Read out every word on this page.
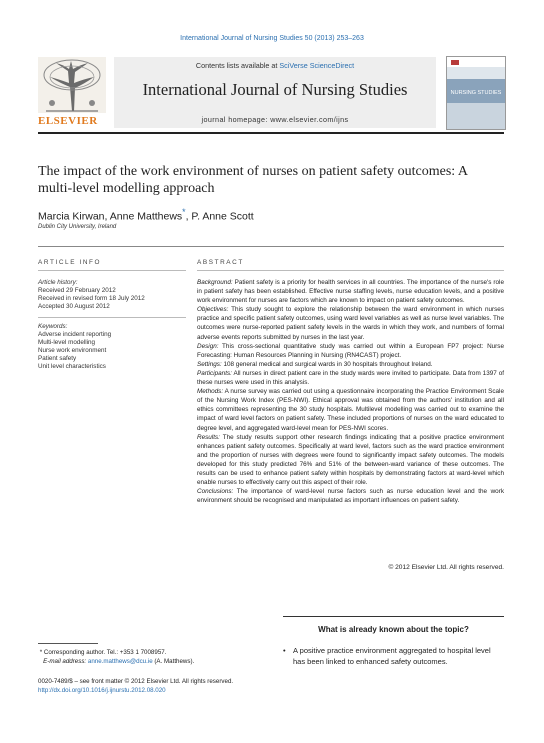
International Journal of Nursing Studies 50 (2013) 253–263
Contents lists available at SciVerse ScienceDirect
International Journal of Nursing Studies
journal homepage: www.elsevier.com/ijns
ELSEVIER
NURSING STUDIES
The impact of the work environment of nurses on patient safety outcomes: A multi-level modelling approach
Marcia Kirwan, Anne Matthews*, P. Anne Scott
Dublin City University, Ireland
ARTICLE INFO
Article history:
Received 29 February 2012
Received in revised form 18 July 2012
Accepted 30 August 2012
Keywords:
Adverse incident reporting
Multi-level modelling
Nurse work environment
Patient safety
Unit level characteristics
ABSTRACT

Background: Patient safety is a priority for health services in all countries. The importance of the nurse's role in patient safety has been established. Effective nurse staffing levels, nurse education levels, and a positive work environment for nurses are factors which are known to impact on patient safety outcomes.

Objectives: This study sought to explore the relationship between the ward environment in which nurses practice and specific patient safety outcomes, using ward level variables as well as nurse level variables. The outcomes were nurse-reported patient safety levels in the wards in which they work, and numbers of formal adverse events reports submitted by nurses in the last year.

Design: This cross-sectional quantitative study was carried out within a European FP7 project: Nurse Forecasting: Human Resources Planning in Nursing (RN4CAST) project.

Settings: 108 general medical and surgical wards in 30 hospitals throughout Ireland.

Participants: All nurses in direct patient care in the study wards were invited to participate. Data from 1397 of these nurses were used in this analysis.

Methods: A nurse survey was carried out using a questionnaire incorporating the Practice Environment Scale of the Nursing Work Index (PES-NWI). Ethical approval was obtained from the authors' institution and all ethics committees representing the 30 study hospitals. Multilevel modelling was carried out to examine the impact of ward level factors on patient safety. These included proportions of nurses on the ward educated to degree level, and aggregated ward-level mean for PES-NWI scores.

Results: The study results support other research findings indicating that a positive practice environment enhances patient safety outcomes. Specifically at ward level, factors such as the ward practice environment and the proportion of nurses with degrees were found to significantly impact safety outcomes. The models developed for this study predicted 76% and 51% of the between-ward variance of these outcomes. The results can be used to enhance patient safety within hospitals by demonstrating factors at ward-level which enable nurses to effectively carry out this aspect of their role.

Conclusions: The importance of ward-level nurse factors such as nurse education level and the work environment should be recognised and manipulated as important influences on patient safety.

© 2012 Elsevier Ltd. All rights reserved.
What is already known about the topic?
• A positive practice environment aggregated to hospital level has been linked to enhanced safety outcomes.
* Corresponding author. Tel.: +353 1 7008957.
E-mail address: anne.matthews@dcu.ie (A. Matthews).
0020-7489/$ – see front matter © 2012 Elsevier Ltd. All rights reserved.
http://dx.doi.org/10.1016/j.ijnurstu.2012.08.020
